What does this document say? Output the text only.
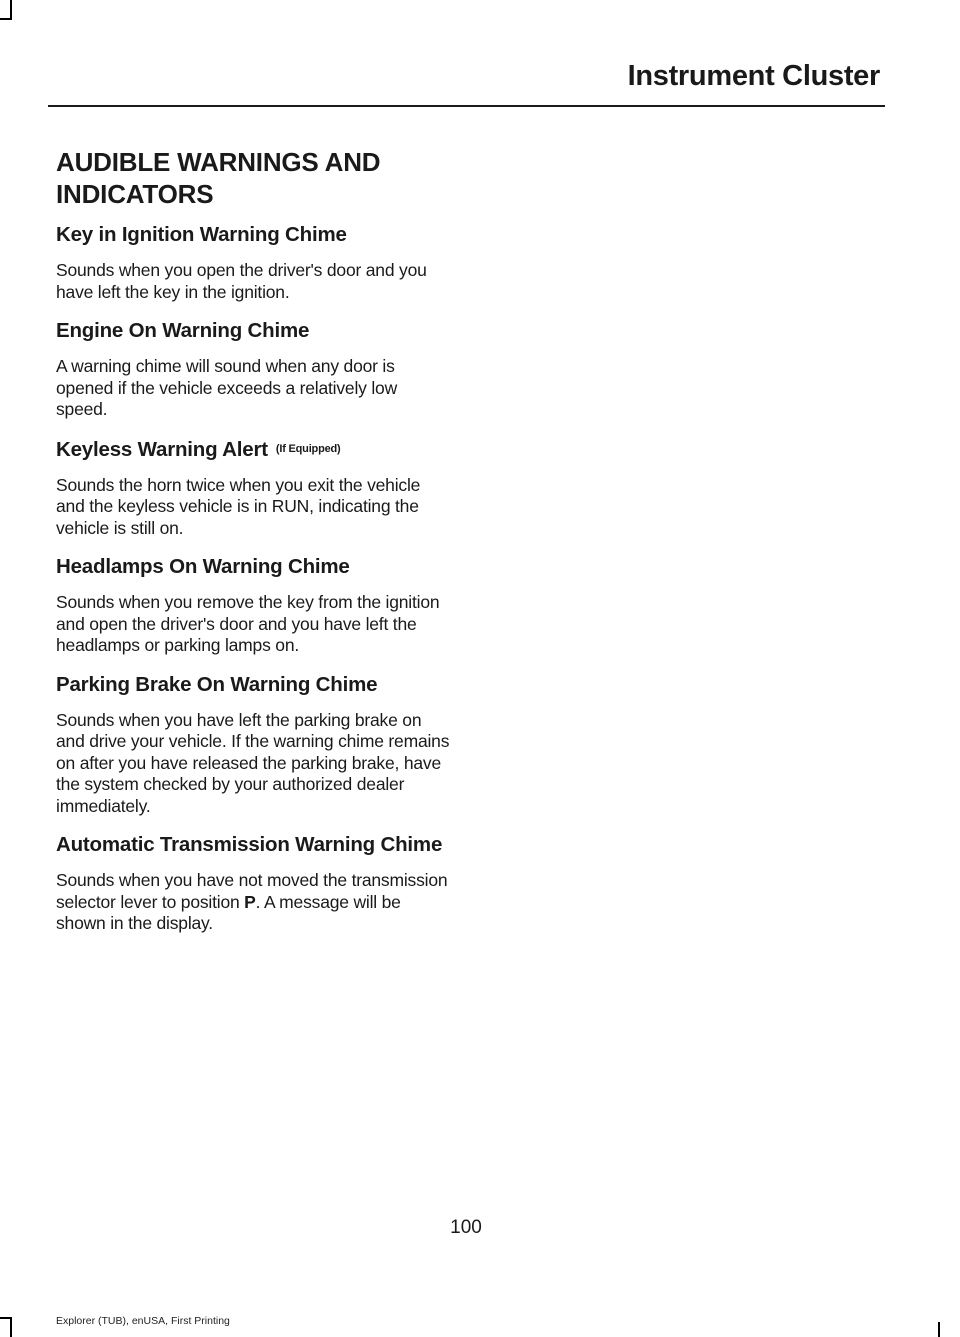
Instrument Cluster
AUDIBLE WARNINGS AND INDICATORS
Key in Ignition Warning Chime
Sounds when you open the driver's door and you have left the key in the ignition.
Engine On Warning Chime
A warning chime will sound when any door is opened if the vehicle exceeds a relatively low speed.
Keyless Warning Alert (If Equipped)
Sounds the horn twice when you exit the vehicle and the keyless vehicle is in RUN, indicating the vehicle is still on.
Headlamps On Warning Chime
Sounds when you remove the key from the ignition and open the driver's door and you have left the headlamps or parking lamps on.
Parking Brake On Warning Chime
Sounds when you have left the parking brake on and drive your vehicle. If the warning chime remains on after you have released the parking brake, have the system checked by your authorized dealer immediately.
Automatic Transmission Warning Chime
Sounds when you have not moved the transmission selector lever to position P. A message will be shown in the display.
100
Explorer (TUB), enUSA, First Printing
